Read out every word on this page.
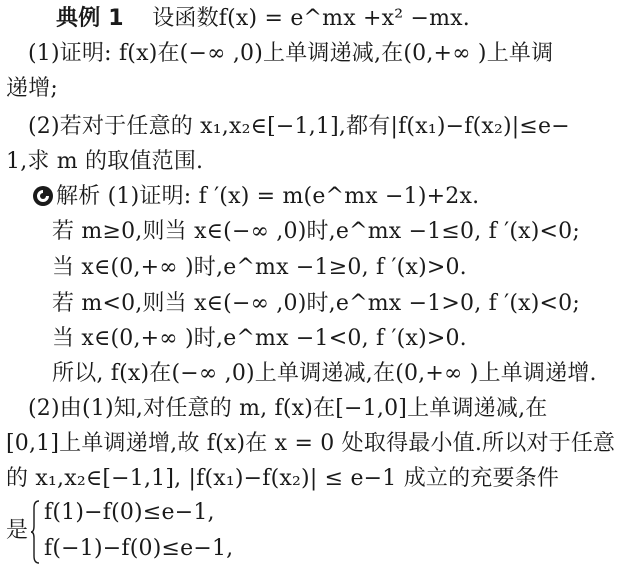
典例 1 设函数f(x) = e^mx +x² −mx.
(1)证明: f(x)在(−∞ ,0)上单调递减,在(0,+∞ )上单调
递增;
(2)若对于任意的 x₁,x₂∈[−1,1],都有|f(x₁)−f(x₂)|≤e−
1,求 m 的取值范围.
解析 (1)证明: f ′(x) = m(e^mx −1)+2x.
若 m≥0,则当 x∈(−∞ ,0)时,e^mx −1≤0, f ′(x)<0;
当 x∈(0,+∞ )时,e^mx −1≥0, f ′(x)>0.
若 m<0,则当 x∈(−∞ ,0)时,e^mx −1>0, f ′(x)<0;
当 x∈(0,+∞ )时,e^mx −1<0, f ′(x)>0.
所以, f(x)在(−∞ ,0)上单调递减,在(0,+∞ )上单调递增.
(2)由(1)知,对任意的 m, f(x)在[−1,0]上单调递减,在
[0,1]上单调递增,故 f(x)在 x = 0 处取得最小值.所以对于任意
的 x₁,x₂∈[−1,1], |f(x₁)−f(x₂)| ≤ e−1 成立的充要条件
是
f(1)−f(0)≤e−1,
f(−1)−f(0)≤e−1,
